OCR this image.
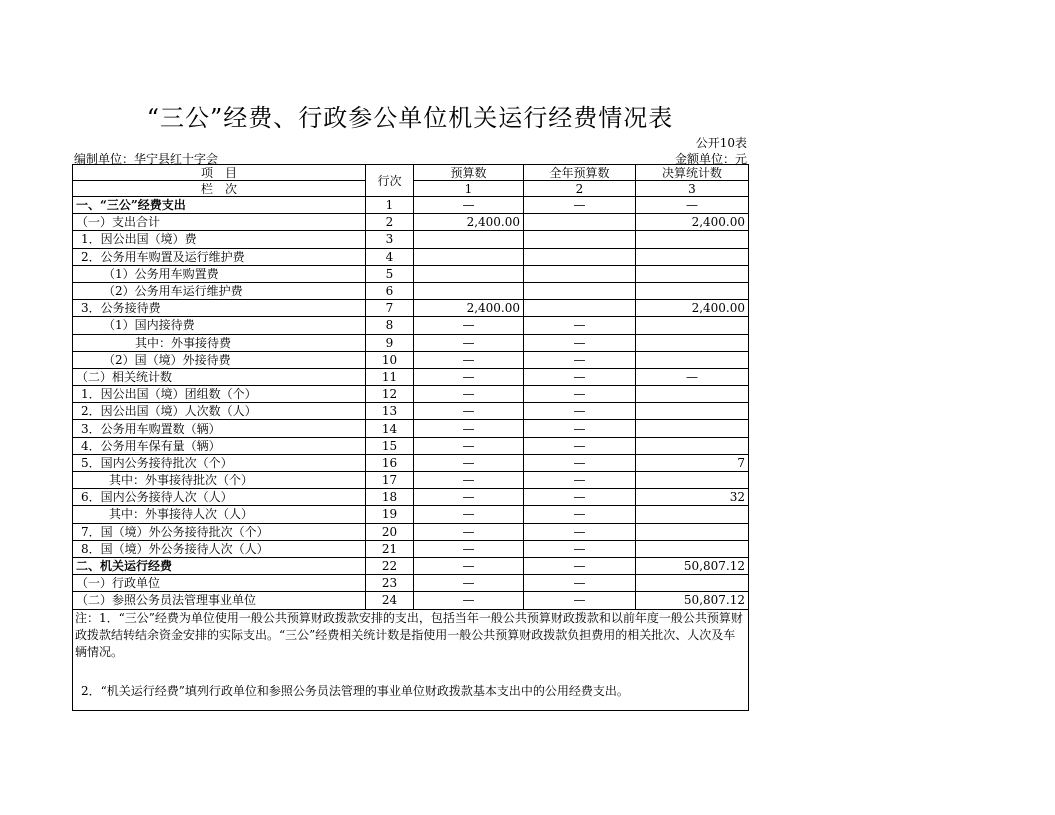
“三公”经费、行政参公单位机关运行经费情况表
公开10表
编制单位：华宁县红十字会	金额单位：元
项　目	行次	预算数	全年预算数	决算统计数
栏　次		1	2	3
一、“三公”经费支出	1	—	—	—
（一）支出合计	2	2,400.00		2,400.00
1．因公出国（境）费	3			
2．公务用车购置及运行维护费	4			
（1）公务用车购置费	5			
（2）公务用车运行维护费	6			
3．公务接待费	7	2,400.00		2,400.00
（1）国内接待费	8	—	—	
其中：外事接待费	9	—	—	
（2）国（境）外接待费	10	—	—	
（二）相关统计数	11	—	—	—
1．因公出国（境）团组数（个）	12	—	—	
2．因公出国（境）人次数（人）	13	—	—	
3．公务用车购置数（辆）	14	—	—	
4．公务用车保有量（辆）	15	—	—	
5．国内公务接待批次（个）	16	—	—	7
其中：外事接待批次（个）	17	—	—	
6．国内公务接待人次（人）	18	—	—	32
其中：外事接待人次（人）	19	—	—	
7．国（境）外公务接待批次（个）	20	—	—	
8．国（境）外公务接待人次（人）	21	—	—	
二、机关运行经费	22	—	—	50,807.12
（一）行政单位	23	—	—	
（二）参照公务员法管理事业单位	24	—	—	50,807.12
注：1．“三公”经费为单位使用一般公共预算财政拨款安排的支出，包括当年一般公共预算财政拨款和以前年度一般公共预算财政拨款结转结余资金安排的实际支出。“三公”经费相关统计数是指使用一般公共预算财政拨款负担费用的相关批次、人次及车辆情况。
2．“机关运行经费”填列行政单位和参照公务员法管理的事业单位财政拨款基本支出中的公用经费支出。				
